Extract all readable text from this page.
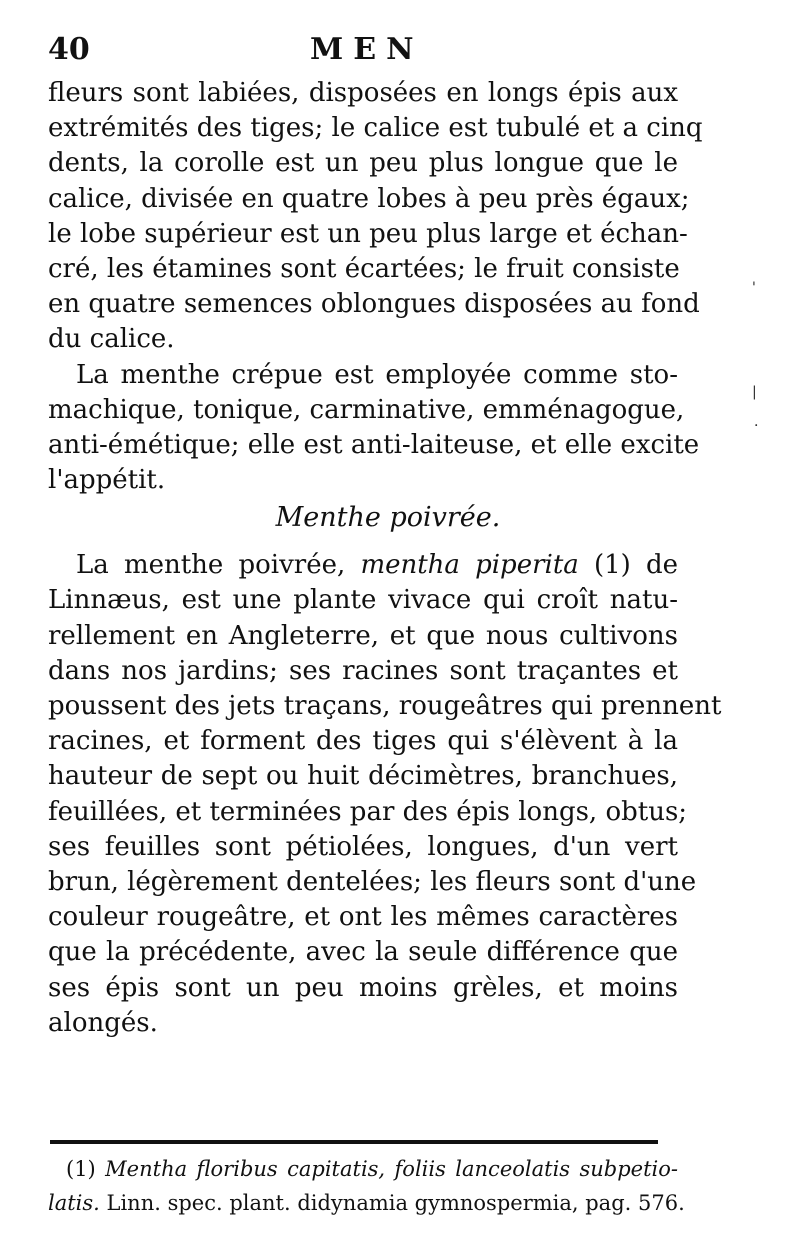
40	MEN
fleurs sont labiées, disposées en longs épis aux
extrémités des tiges; le calice est tubulé et a cinq
dents, la corolle est un peu plus longue que le
calice, divisée en quatre lobes à peu près égaux;
le lobe supérieur est un peu plus large et échan-
cré, les étamines sont écartées; le fruit consiste
en quatre semences oblongues disposées au fond
du calice.
La menthe crépue est employée comme sto-
machique, tonique, carminative, emménagogue,
anti-émétique; elle est anti-laiteuse, et elle excite
l'appétit.
Menthe poivrée.
La menthe poivrée, mentha piperita (1) de
Linnæus, est une plante vivace qui croît natu-
rellement en Angleterre, et que nous cultivons
dans nos jardins; ses racines sont traçantes et
poussent des jets traçans, rougeâtres qui prennent
racines, et forment des tiges qui s'élèvent à la
hauteur de sept ou huit décimètres, branchues,
feuillées, et terminées par des épis longs, obtus;
ses feuilles sont pétiolées, longues, d'un vert
brun, légèrement dentelées; les fleurs sont d'une
couleur rougeâtre, et ont les mêmes caractères
que la précédente, avec la seule différence que
ses épis sont un peu moins grèles, et moins
alongés.
(1) Mentha floribus capitatis, foliis lanceolatis subpetio-
latis. Linn. spec. plant. didynamia gymnospermia, pag. 576.
'
|
·
